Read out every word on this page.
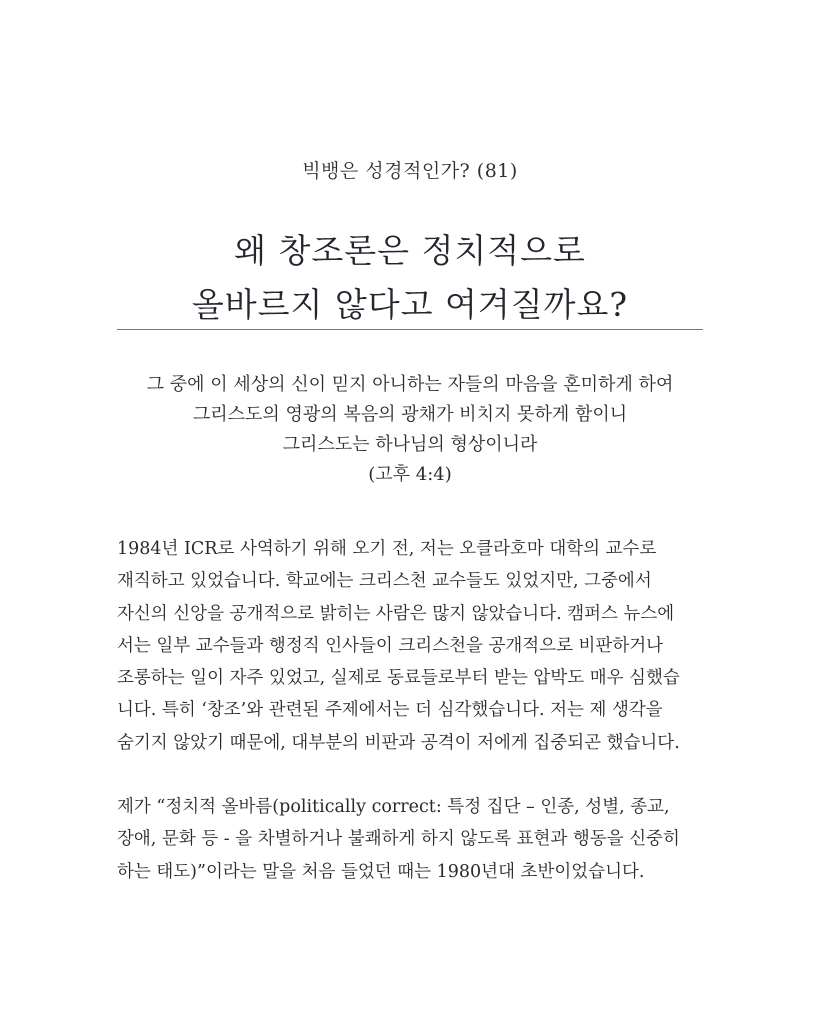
빅뱅은 성경적인가? (81)
왜 창조론은 정치적으로
올바르지 않다고 여겨질까요?
그 중에 이 세상의 신이 믿지 아니하는 자들의 마음을 혼미하게 하여
그리스도의 영광의 복음의 광채가 비치지 못하게 함이니
그리스도는 하나님의 형상이니라
(고후 4:4)

1984년 ICR로 사역하기 위해 오기 전, 저는 오클라호마 대학의 교수로
재직하고 있었습니다. 학교에는 크리스천 교수들도 있었지만, 그중에서
자신의 신앙을 공개적으로 밝히는 사람은 많지 않았습니다. 캠퍼스 뉴스에
서는 일부 교수들과 행정직 인사들이 크리스천을 공개적으로 비판하거나
조롱하는 일이 자주 있었고, 실제로 동료들로부터 받는 압박도 매우 심했습
니다. 특히 ‘창조’와 관련된 주제에서는 더 심각했습니다. 저는 제 생각을
숨기지 않았기 때문에, 대부분의 비판과 공격이 저에게 집중되곤 했습니다.

제가 “정치적 올바름(politically correct: 특정 집단 – 인종, 성별, 종교,
장애, 문화 등 - 을 차별하거나 불쾌하게 하지 않도록 표현과 행동을 신중히
하는 태도)”이라는 말을 처음 들었던 때는 1980년대 초반이었습니다.
